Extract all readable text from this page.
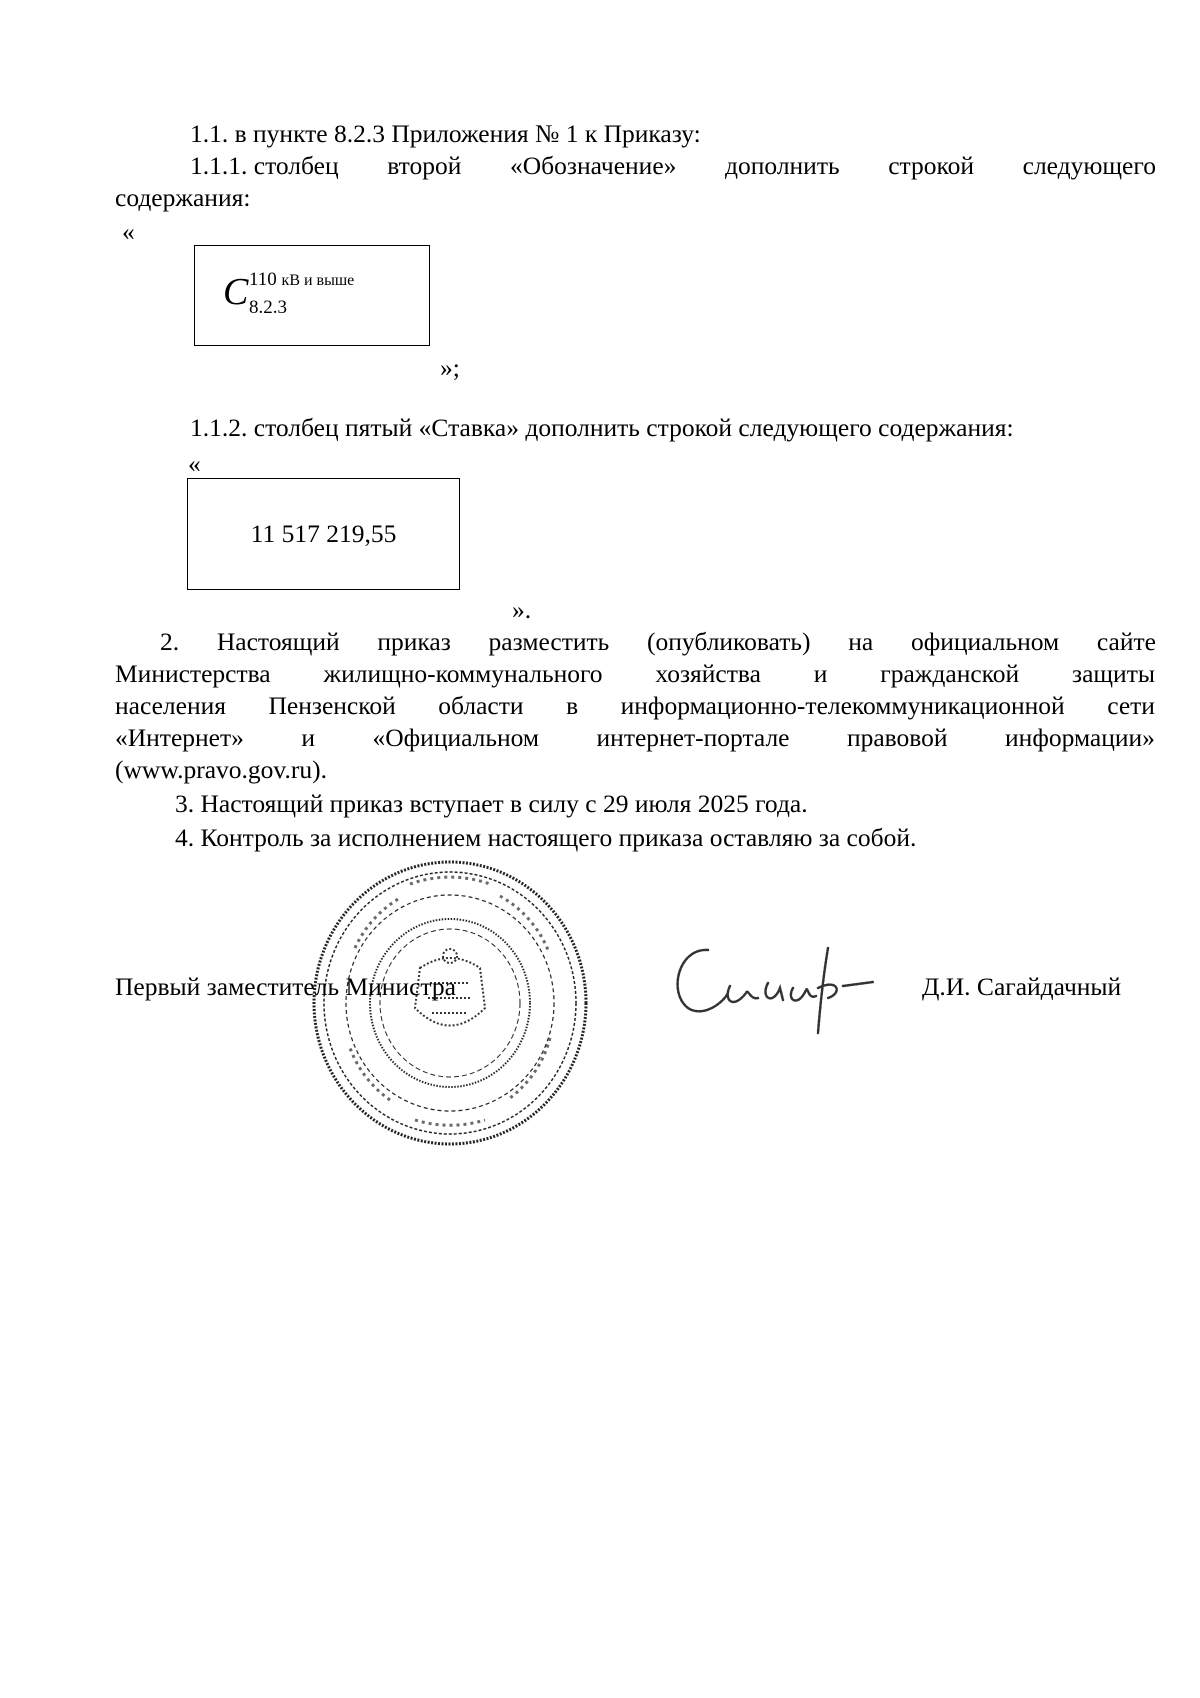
1.1. в пункте 8.2.3 Приложения № 1 к Приказу:
1.1.1. столбец второй «Обозначение» дополнить строкой следующего
содержания:
«
C 110 кВ и выше
8.2.3
»;
1.1.2. столбец пятый «Ставка» дополнить строкой следующего содержания:
«
11 517 219,55
».
2. Настоящий приказ разместить (опубликовать) на официальном сайте
Министерства жилищно-коммунального хозяйства и гражданской защиты
населения Пензенской области в информационно-телекоммуникационной сети
«Интернет» и «Официальном интернет-портале правовой информации»
(www.pravo.gov.ru).
3. Настоящий приказ вступает в силу с 29 июля 2025 года.
4. Контроль за исполнением настоящего приказа оставляю за собой.
Первый заместитель Министра	Д.И. Сагайдачный
